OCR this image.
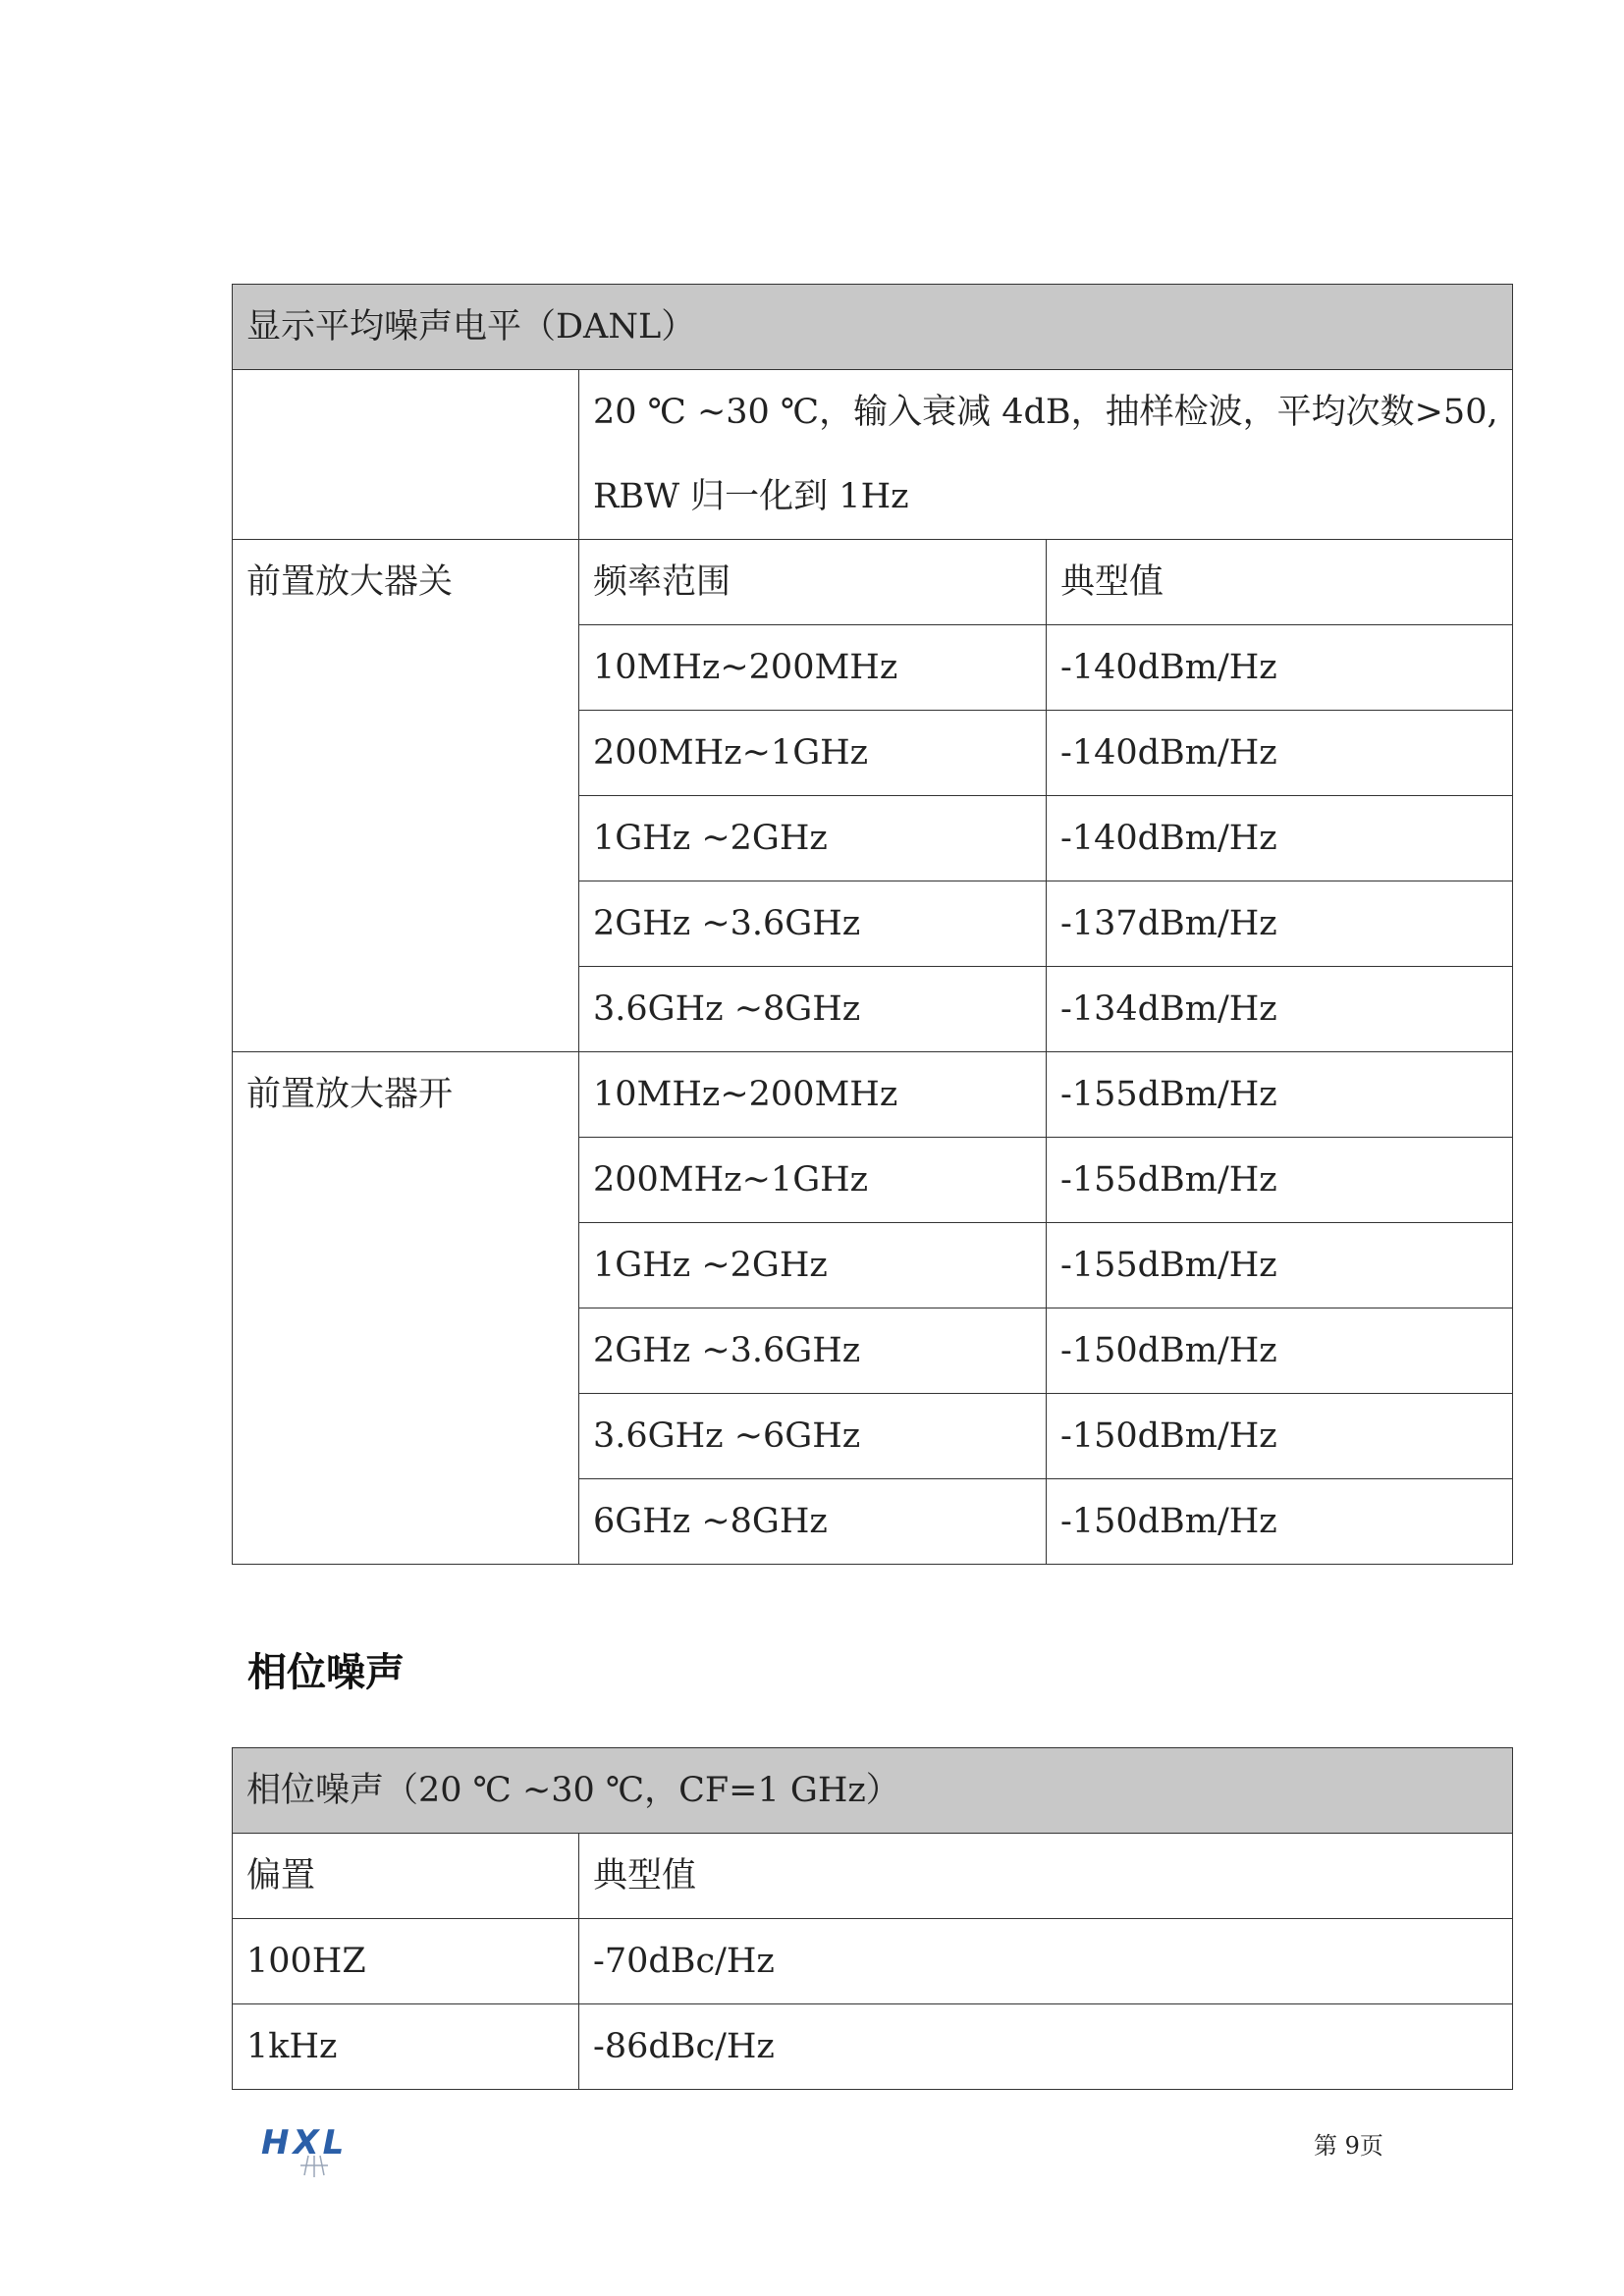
显示平均噪声电平（DANL）		

	20 ℃ ~30 ℃，输入衰减 4dB，抽样检波，平均次数>50,
RBW 归一化到 1Hz	

前置放大器关	频率范围	典型值
	10MHz~200MHz	-140dBm/Hz
	200MHz~1GHz	-140dBm/Hz
	1GHz ~2GHz	-140dBm/Hz
	2GHz ~3.6GHz	-137dBm/Hz
	3.6GHz ~8GHz	-134dBm/Hz
前置放大器开	10MHz~200MHz	-155dBm/Hz
	200MHz~1GHz	-155dBm/Hz
	1GHz ~2GHz	-155dBm/Hz
	2GHz ~3.6GHz	-150dBm/Hz
	3.6GHz ~6GHz	-150dBm/Hz
	6GHz ~8GHz	-150dBm/Hz
相位噪声
相位噪声（20 ℃ ~30 ℃，CF=1 GHz）	
偏置	典型值
100HZ	-70dBc/Hz
1kHz	-86dBc/Hz
HXL	第 9页
